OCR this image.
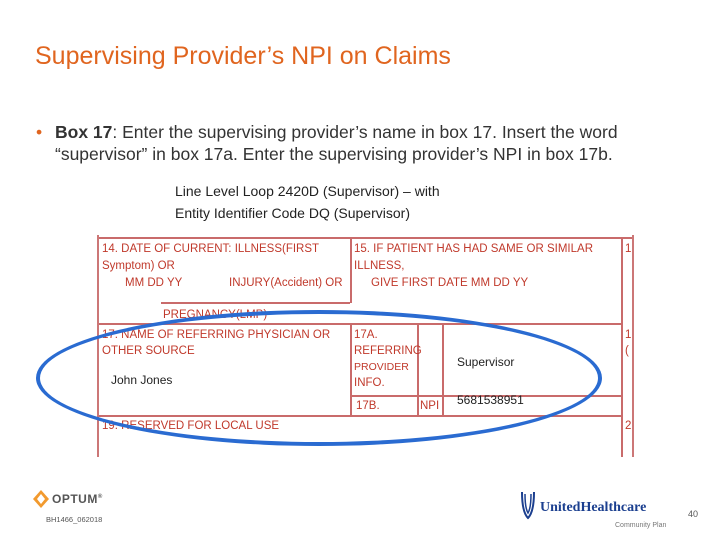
Supervising Provider’s NPI on Claims
• Box 17: Enter the supervising provider’s name in box 17. Insert the word “supervisor” in box 17a. Enter the supervising provider’s NPI in box 17b.
Line Level Loop 2420D (Supervisor) – with
Entity Identifier Code DQ (Supervisor)
14. DATE OF CURRENT: ILLNESS(FIRST
Symptom) OR
MM DD YY	INJURY(Accident) OR
PREGNANCY(LMP)
15. IF PATIENT HAS HAD SAME OR SIMILAR
ILLNESS,
GIVE FIRST DATE MM DD YY
17. NAME OF REFERRING PHYSICIAN OR
OTHER SOURCE
John Jones
17A.
REFERRING
PROVIDER
INFO.
Supervisor
17B.	NPI 5681538951
19. RESERVED FOR LOCAL USE
1
1
(
2
OPTUM®
BH1466_062018
UnitedHealthcare
Community Plan
40
